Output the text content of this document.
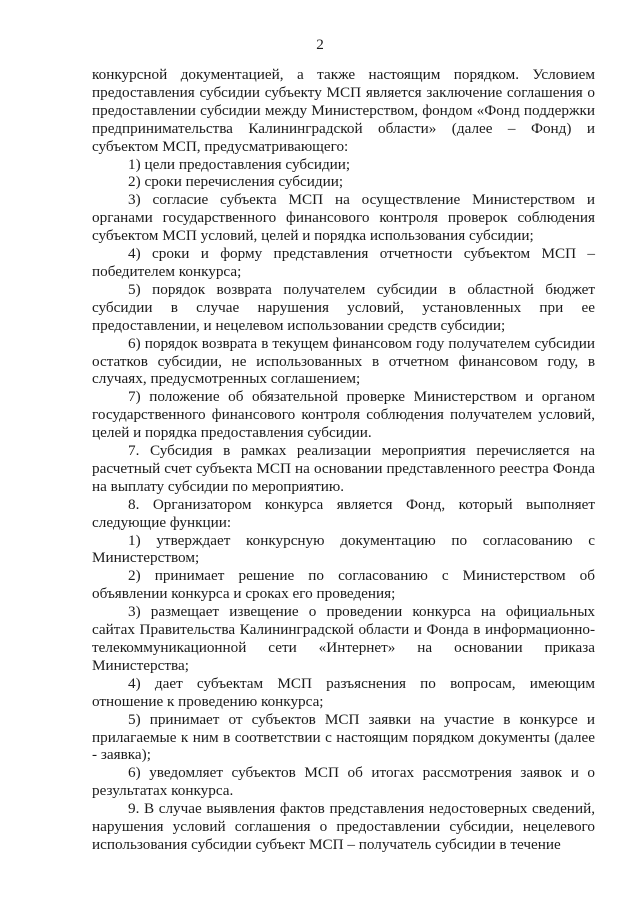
2

конкурсной документацией, а также настоящим порядком. Условием предоставления субсидии субъекту МСП является заключение соглашения о предоставлении субсидии между Министерством, фондом «Фонд поддержки предпринимательства Калининградской области» (далее – Фонд) и субъектом МСП, предусматривающего:

1) цели предоставления субсидии;

2) сроки перечисления субсидии;

3) согласие субъекта МСП на осуществление Министерством и органами государственного финансового контроля проверок соблюдения субъектом МСП условий, целей и порядка использования субсидии;

4) сроки и форму представления отчетности субъектом МСП – победителем конкурса;

5) порядок возврата получателем субсидии в областной бюджет субсидии в случае нарушения условий, установленных при ее предоставлении, и нецелевом использовании средств субсидии;

6) порядок возврата в текущем финансовом году получателем субсидии остатков субсидии, не использованных в отчетном финансовом году, в случаях, предусмотренных соглашением;

7) положение об обязательной проверке Министерством и органом государственного финансового контроля соблюдения получателем условий, целей и порядка предоставления субсидии.

7. Субсидия в рамках реализации мероприятия перечисляется на расчетный счет субъекта МСП на основании представленного реестра Фонда на выплату субсидии по мероприятию.

8. Организатором конкурса является Фонд, который выполняет следующие функции:

1) утверждает конкурсную документацию по согласованию с Министерством;

2) принимает решение по согласованию с Министерством об объявлении конкурса и сроках его проведения;

3) размещает извещение о проведении конкурса на официальных сайтах Правительства Калининградской области и Фонда в информационно-телекоммуникационной сети «Интернет» на основании приказа Министерства;

4) дает субъектам МСП разъяснения по вопросам, имеющим отношение к проведению конкурса;

5) принимает от субъектов МСП заявки на участие в конкурсе и прилагаемые к ним в соответствии с настоящим порядком документы (далее - заявка);

6) уведомляет субъектов МСП об итогах рассмотрения заявок и о результатах конкурса.

9. В случае выявления фактов представления недостоверных сведений, нарушения условий соглашения о предоставлении субсидии, нецелевого использования субсидии субъект МСП – получатель субсидии в течение
